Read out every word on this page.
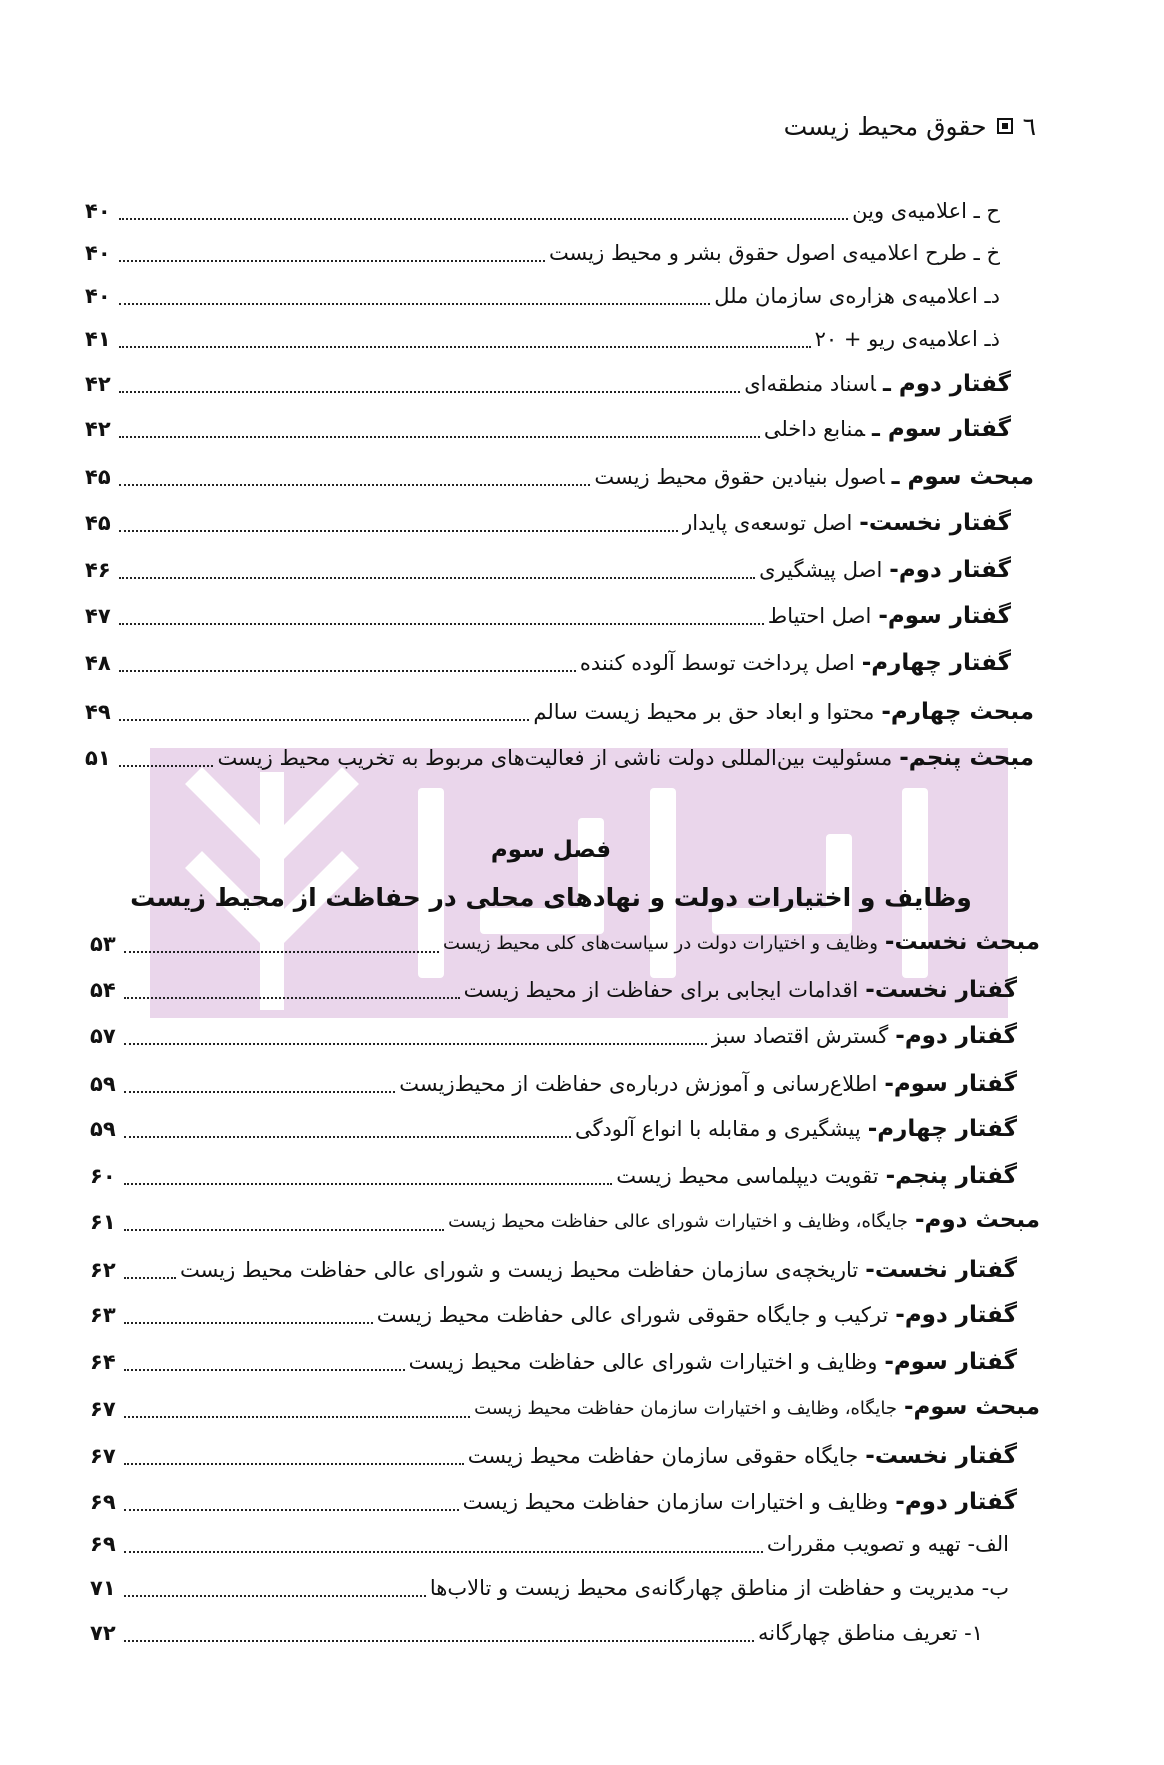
٦
حقوق محیط زیست
ح ـ اعلامیه‌ی وین
۴۰
خ ـ طرح اعلامیه‌ی اصول حقوق بشر و محیط زیست
۴۰
دـ اعلامیه‌ی هزاره‌ی سازمان ملل
۴۰
ذـ اعلامیه‌ی ریو + ۲۰
۴۱
گفتار دوم ـاسناد منطقه‌ای
۴۲
گفتار سوم ـمنابع داخلی
۴۲
مبحث سوم ـاصول بنیادین حقوق محیط زیست
۴۵
گفتار نخست-اصل توسعه‌ی پایدار
۴۵
گفتار دوم-اصل پیشگیری
۴۶
گفتار سوم-اصل احتیاط
۴۷
گفتار چهارم-اصل پرداخت توسط آلوده کننده
۴۸
مبحث چهارم-محتوا و ابعاد حق بر محیط زیست سالم
۴۹
مبحث پنجم-مسئولیت بین‌المللی دولت ناشی از فعالیت‌های مربوط به تخریب محیط زیست
۵۱
فصل سوم
وظایف و اختیارات دولت و نهادهای محلی در حفاظت از محیط زیست
مبحث نخست-وظایف و اختیارات دولت در سیاست‌های کلی محیط زیست
۵۳
گفتار نخست-اقدامات ایجابی برای حفاظت از محیط زیست
۵۴
گفتار دوم-گسترش اقتصاد سبز
۵۷
گفتار سوم-اطلاع‌رسانی و آموزش درباره‌ی حفاظت از محیط‌زیست
۵۹
گفتار چهارم-پیشگیری و مقابله با انواع آلودگی
۵۹
گفتار پنجم-تقویت دیپلماسی محیط زیست
۶۰
مبحث دوم-جایگاه، وظایف و اختیارات شورای عالی حفاظت محیط زیست
۶۱
گفتار نخست-تاریخچه‌ی سازمان حفاظت محیط زیست و شورای عالی حفاظت محیط زیست
۶۲
گفتار دوم-ترکیب و جایگاه حقوقی شورای عالی حفاظت محیط زیست
۶۳
گفتار سوم-وظایف و اختیارات شورای عالی حفاظت محیط زیست
۶۴
مبحث سوم-جایگاه، وظایف و اختیارات سازمان حفاظت محیط زیست
۶۷
گفتار نخست-جایگاه حقوقی سازمان حفاظت محیط زیست
۶۷
گفتار دوم-وظایف و اختیارات سازمان حفاظت محیط زیست
۶۹
الف- تهیه و تصویب مقررات
۶۹
ب- مدیریت و حفاظت از مناطق چهارگانه‌ی محیط زیست و تالاب‌ها
۷۱
۱- تعریف مناطق چهارگانه
۷۲
